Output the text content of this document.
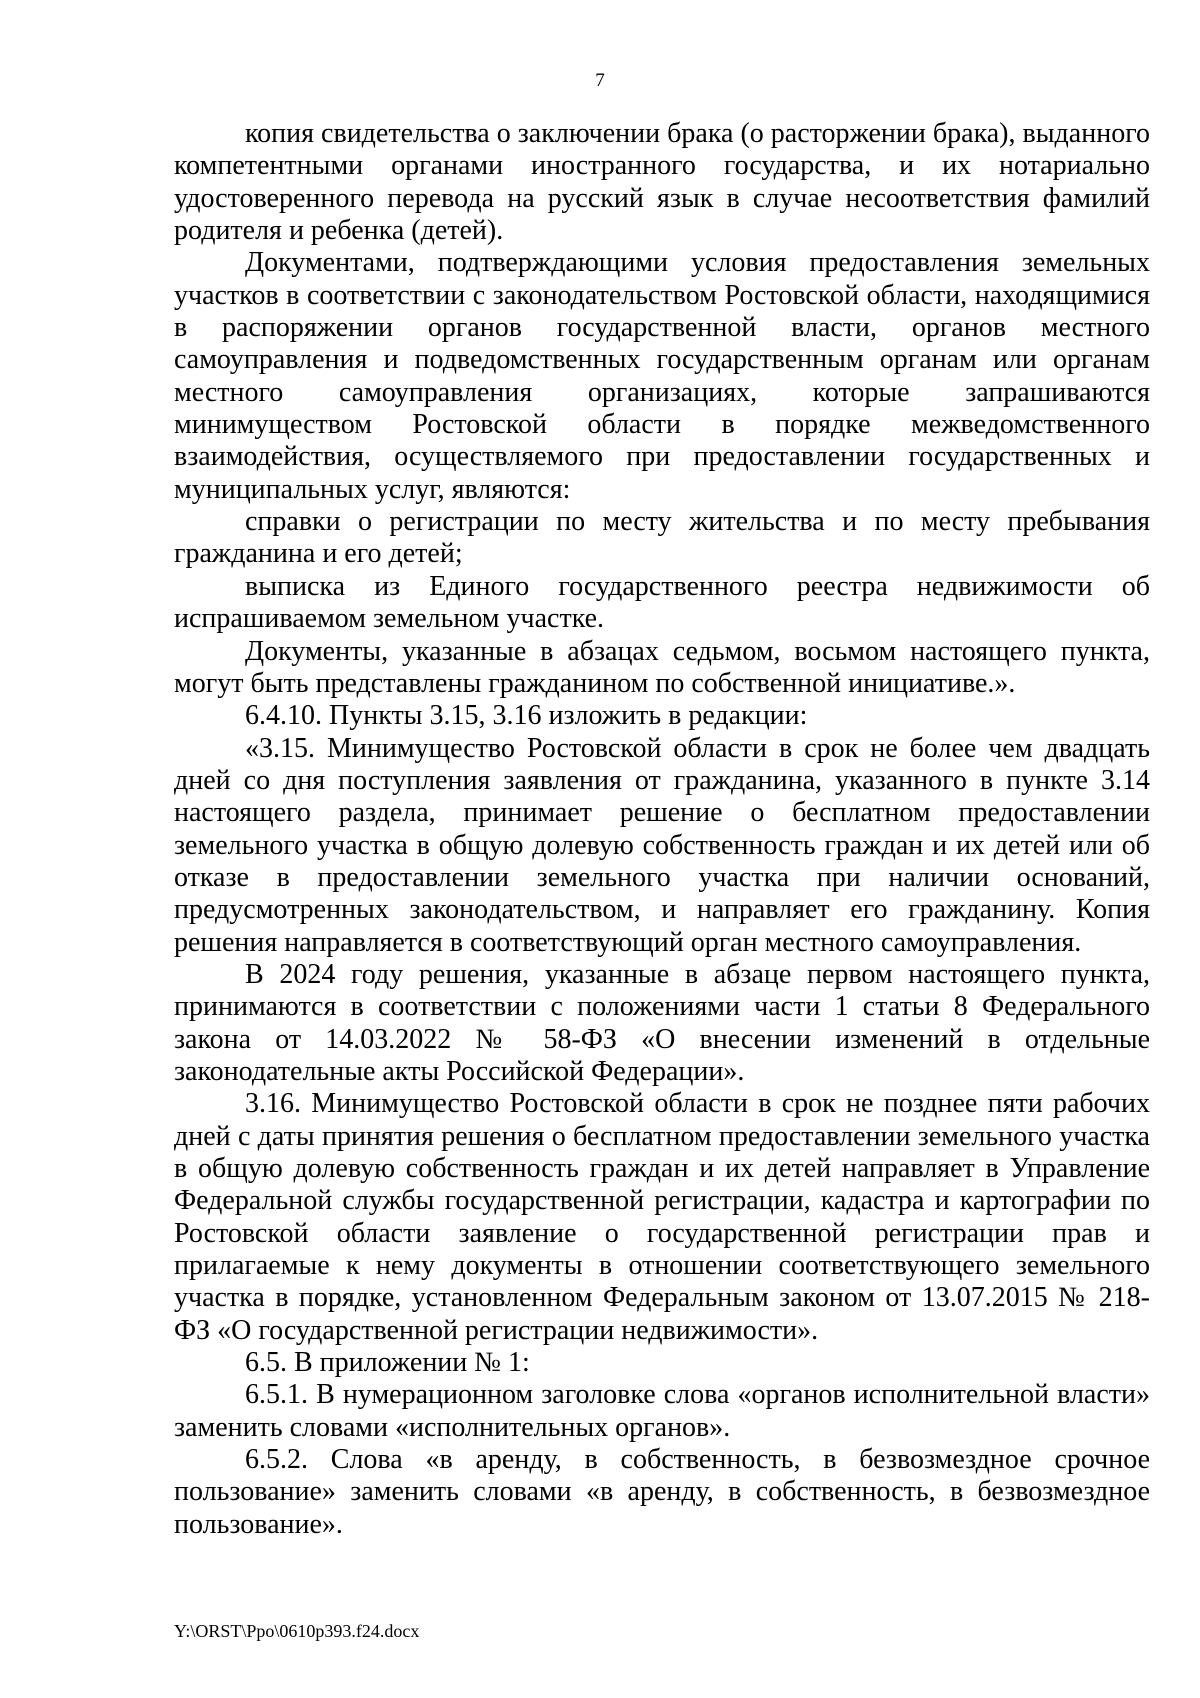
7

копия свидетельства о заключении брака (о расторжении брака), выданного компетентными органами иностранного государства, и их нотариально удостоверенного перевода на русский язык в случае несоответствия фамилий родителя и ребенка (детей).

Документами, подтверждающими условия предоставления земельных участков в соответствии с законодательством Ростовской области, находящимися в распоряжении органов государственной власти, органов местного самоуправления и подведомственных государственным органам или органам местного самоуправления организациях, которые запрашиваются минимуществом Ростовской области в порядке межведомственного взаимодействия, осуществляемого при предоставлении государственных и муниципальных услуг, являются:

справки о регистрации по месту жительства и по месту пребывания гражданина и его детей;

выписка из Единого государственного реестра недвижимости об испрашиваемом земельном участке.

Документы, указанные в абзацах седьмом, восьмом настоящего пункта, могут быть представлены гражданином по собственной инициативе.».

6.4.10. Пункты 3.15, 3.16 изложить в редакции:

«3.15. Минимущество Ростовской области в срок не более чем двадцать дней со дня поступления заявления от гражданина, указанного в пункте 3.14 настоящего раздела, принимает решение о бесплатном предоставлении земельного участка в общую долевую собственность граждан и их детей или об отказе в предоставлении земельного участка при наличии оснований, предусмотренных законодательством, и направляет его гражданину. Копия решения направляется в соответствующий орган местного самоуправления.

В 2024 году решения, указанные в абзаце первом настоящего пункта, принимаются в соответствии с положениями части 1 статьи 8 Федерального закона от 14.03.2022 № 58-ФЗ «О внесении изменений в отдельные законодательные акты Российской Федерации».

3.16. Минимущество Ростовской области в срок не позднее пяти рабочих дней с даты принятия решения о бесплатном предоставлении земельного участка в общую долевую собственность граждан и их детей направляет в Управление Федеральной службы государственной регистрации, кадастра и картографии по Ростовской области заявление о государственной регистрации прав и прилагаемые к нему документы в отношении соответствующего земельного участка в порядке, установленном Федеральным законом от 13.07.2015 № 218-ФЗ «О государственной регистрации недвижимости».

6.5. В приложении № 1:

6.5.1. В нумерационном заголовке слова «органов исполнительной власти» заменить словами «исполнительных органов».

6.5.2. Слова «в аренду, в собственность, в безвозмездное срочное пользование» заменить словами «в аренду, в собственность, в безвозмездное пользование».

Y:\ORST\Ppo\0610p393.f24.docx
